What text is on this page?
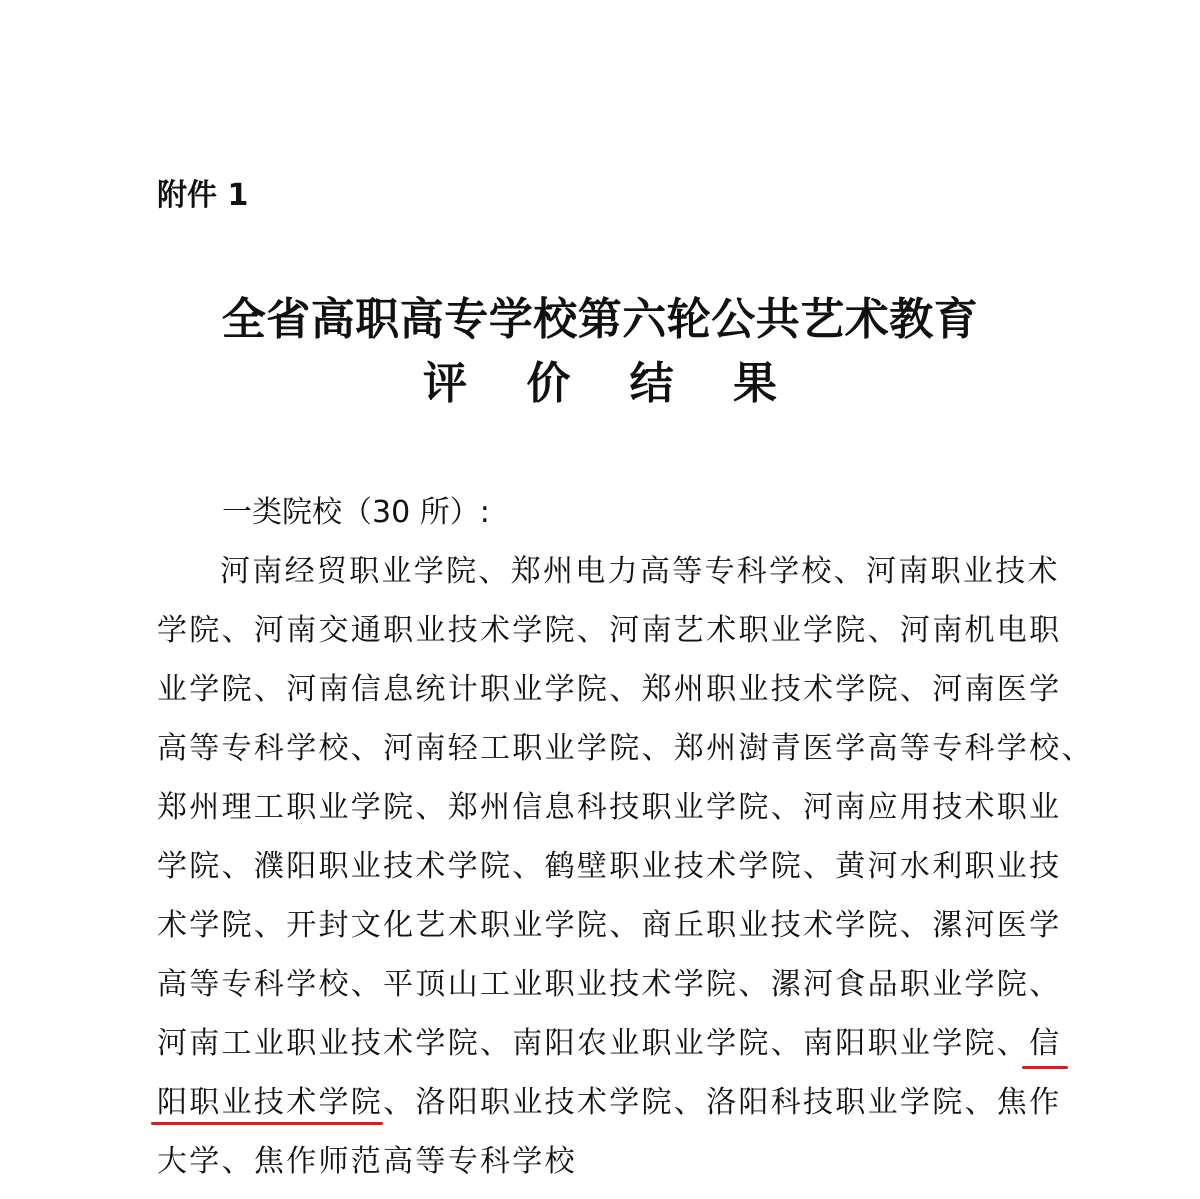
附件 1
全省高职高专学校第六轮公共艺术教育
评 价 结 果
一类院校（30 所）:
河南经贸职业学院、郑州电力高等专科学校、河南职业技术
学院、河南交通职业技术学院、河南艺术职业学院、河南机电职
业学院、河南信息统计职业学院、郑州职业技术学院、河南医学
高等专科学校、河南轻工职业学院、郑州澍青医学高等专科学校、
郑州理工职业学院、郑州信息科技职业学院、河南应用技术职业
学院、濮阳职业技术学院、鹤壁职业技术学院、黄河水利职业技
术学院、开封文化艺术职业学院、商丘职业技术学院、漯河医学
高等专科学校、平顶山工业职业技术学院、漯河食品职业学院、
河南工业职业技术学院、南阳农业职业学院、南阳职业学院、信
阳职业技术学院、洛阳职业技术学院、洛阳科技职业学院、焦作
大学、焦作师范高等专科学校
